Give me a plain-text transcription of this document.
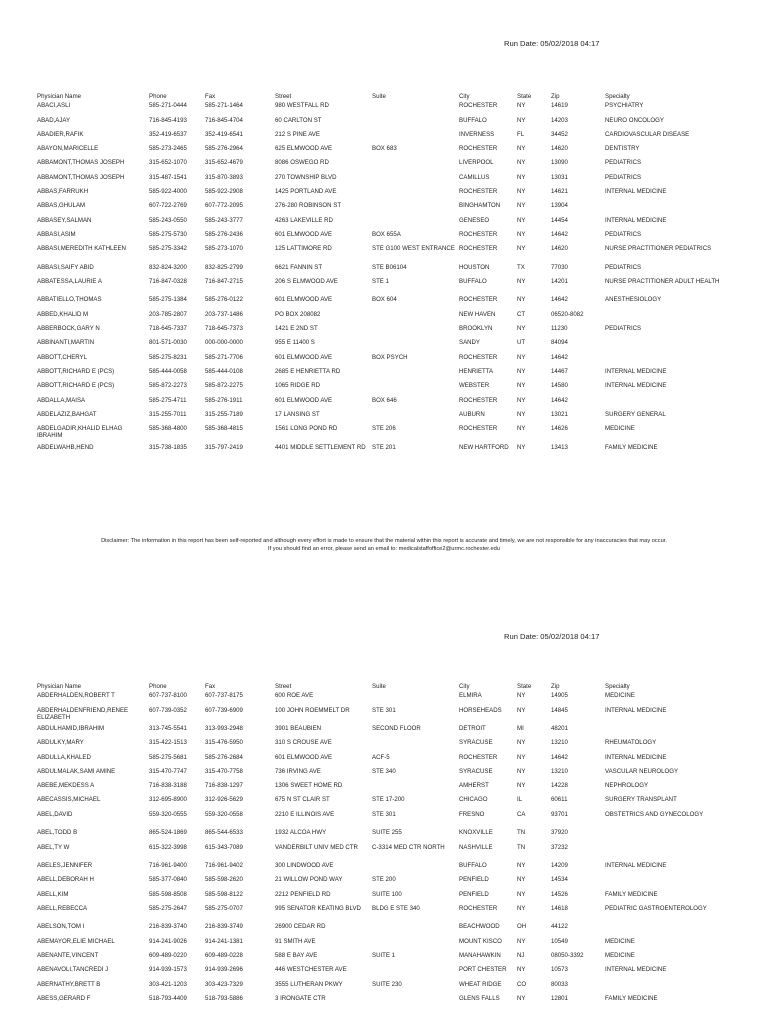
Run Date: 05/02/2018 04:17
Physician Name	Phone	Fax	Street	Suite	City	State	Zip	Specialty
ABACI,ASLI	585-271-0444	585-271-1464	980 WESTFALL RD		ROCHESTER	NY	14619	PSYCHIATRY
ABAD,AJAY	716-845-4193	716-845-4704	60 CARLTON ST		BUFFALO	NY	14203	NEURO ONCOLOGY
ABADIER,RAFIK	352-419-6537	352-419-6541	212 S PINE AVE		INVERNESS	FL	34452	CARDIOVASCULAR DISEASE
ABAYON,MARICELLE	585-273-2465	585-276-2964	625 ELMWOOD AVE	BOX 683	ROCHESTER	NY	14620	DENTISTRY
ABBAMONT,THOMAS JOSEPH	315-652-1070	315-652-4679	8086 OSWEGO RD		LIVERPOOL	NY	13090	PEDIATRICS
ABBAMONT,THOMAS JOSEPH	315-487-1541	315-870-3893	270 TOWNSHIP BLVD		CAMILLUS	NY	13031	PEDIATRICS
ABBAS,FARRUKH	585-922-4000	585-922-2908	1425 PORTLAND AVE		ROCHESTER	NY	14621	INTERNAL MEDICINE
ABBAS,GHULAM	607-722-2769	607-772-2095	276-280 ROBINSON ST		BINGHAMTON	NY	13904	
ABBASEY,SALMAN	585-243-0550	585-243-3777	4263 LAKEVILLE RD		GENESEO	NY	14454	INTERNAL MEDICINE
ABBASI,ASIM	585-275-5730	585-276-2436	601 ELMWOOD AVE	BOX 655A	ROCHESTER	NY	14642	PEDIATRICS
ABBASI,MEREDITH KATHLEEN	585-275-3342	585-273-1070	125 LATTIMORE RD	STE G100 WEST ENTRANCE	ROCHESTER	NY	14620	NURSE PRACTITIONER PEDIATRICS
ABBASI,SAIFY ABID	832-824-3200	832-825-2799	6621 FANNIN ST	STE B06104	HOUSTON	TX	77030	PEDIATRICS
ABBATESSA,LAURIE A	716-847-0328	716-847-2715	206 S ELMWOOD AVE	STE 1	BUFFALO	NY	14201	NURSE PRACTITIONER ADULT HEALTH
ABBATIELLO,THOMAS	585-275-1384	585-276-0122	601 ELMWOOD AVE	BOX 604	ROCHESTER	NY	14642	ANESTHESIOLOGY
ABBED,KHALID M	203-785-2807	203-737-1486	PO BOX 208082		NEW HAVEN	CT	06520-8082	
ABBERBOCK,GARY N	718-645-7337	718-645-7373	1421 E 2ND ST		BROOKLYN	NY	11230	PEDIATRICS
ABBINANTI,MARTIN	801-571-0030	000-000-0000	955 E 11400 S		SANDY	UT	84094	
ABBOTT,CHERYL	585-275-8231	585-271-7706	601 ELMWOOD AVE	BOX PSYCH	ROCHESTER	NY	14642	
ABBOTT,RICHARD E (PCS)	585-444-0058	585-444-0108	2685 E HENRIETTA RD		HENRIETTA	NY	14467	INTERNAL MEDICINE
ABBOTT,RICHARD E (PCS)	585-872-2273	585-872-2275	1065 RIDGE RD		WEBSTER	NY	14580	INTERNAL MEDICINE
ABDALLA,MAISA	585-275-4711	585-276-1911	601 ELMWOOD AVE	BOX 646	ROCHESTER	NY	14642	
ABDELAZIZ,BAHGAT	315-255-7011	315-255-7189	17 LANSING ST		AUBURN	NY	13021	SURGERY GENERAL
ABDELGADIR,KHALID ELHAG IBRAHIM	585-368-4800	585-368-4815	1561 LONG POND RD	STE 206	ROCHESTER	NY	14626	MEDICINE
ABDELWAHB,HEND	315-738-1835	315-797-2419	4401 MIDDLE SETTLEMENT RD	STE 201	NEW HARTFORD	NY	13413	FAMILY MEDICINE
Disclaimer: The information in this report has been self-reported and although every effort is made to ensure that the material within this report is accurate and timely, we are not responsible for any inaccuracies that may occur.
If you should find an error, please send an email to: medicalstaffoffice2@urmc.rochester.edu
Run Date: 05/02/2018 04:17
Physician Name	Phone	Fax	Street	Suite	City	State	Zip	Specialty
ABDERHALDEN,ROBERT T	607-737-8100	607-737-8175	600 ROE AVE		ELMIRA	NY	14905	MEDICINE
ABDERHALDENFRIEND,RENEE ELIZABETH	607-739-0352	607-739-6909	100 JOHN ROEMMELT DR	STE 301	HORSEHEADS	NY	14845	INTERNAL MEDICINE
ABDULHAMID,IBRAHIM	313-745-5541	313-993-2948	3901 BEAUBIEN	SECOND FLOOR	DETROIT	MI	48201	
ABDULKY,MARY	315-422-1513	315-476-5950	310 S CROUSE AVE		SYRACUSE	NY	13210	RHEUMATOLOGY
ABDULLA,KHALED	585-275-5681	585-276-2684	601 ELMWOOD AVE	ACF-5	ROCHESTER	NY	14642	INTERNAL MEDICINE
ABDULMALAK,SAMI AMINE	315-470-7747	315-470-7758	736 IRVING AVE	STE 340	SYRACUSE	NY	13210	VASCULAR NEUROLOGY
ABEBE,MEKDESS A	716-838-3188	716-838-1297	1306 SWEET HOME RD		AMHERST	NY	14228	NEPHROLOGY
ABECASSIS,MICHAEL	312-695-8900	312-926-5629	675 N ST CLAIR ST	STE 17-200	CHICAGO	IL	60611	SURGERY TRANSPLANT
ABEL,DAVID	559-320-0555	559-320-0558	2210 E ILLINOIS AVE	STE 301	FRESNO	CA	93701	OBSTETRICS AND GYNECOLOGY
ABEL,TODD B	865-524-1869	865-544-6533	1932 ALCOA HWY	SUITE 255	KNOXVILLE	TN	37920	
ABEL,TY W	615-322-3998	615-343-7089	VANDERBILT UNIV MED CTR	C-3314 MED CTR NORTH	NASHVILLE	TN	37232	
ABELES,JENNIFER	716-961-9400	716-961-9402	300 LINDWOOD AVE		BUFFALO	NY	14209	INTERNAL MEDICINE
ABELL,DEBORAH H	585-377-0840	585-598-2620	21 WILLOW POND WAY	STE 200	PENFIELD	NY	14534	
ABELL,KIM	585-598-8508	585-598-8122	2212 PENFIELD RD	SUITE 100	PENFIELD	NY	14526	FAMILY MEDICINE
ABELL,REBECCA	585-275-2647	585-275-0707	995 SENATOR KEATING BLVD	BLDG E STE 340	ROCHESTER	NY	14618	PEDIATRIC GASTROENTEROLOGY
ABELSON,TOM I	216-839-3740	216-839-3749	26900 CEDAR RD		BEACHWOOD	OH	44122	
ABEMAYOR,ELIE MICHAEL	914-241-9026	914-241-1381	91 SMITH AVE		MOUNT KISCO	NY	10549	MEDICINE
ABENANTE,VINCENT	609-489-0220	609-489-0228	588 E BAY AVE	SUITE 1	MANAHAWKIN	NJ	08050-3392	MEDICINE
ABENAVOLI,TANCREDI J	914-939-1573	914-939-2696	446 WESTCHESTER AVE		PORT CHESTER	NY	10573	INTERNAL MEDICINE
ABERNATHY,BRETT B	303-421-1203	303-423-7329	3555 LUTHERAN PKWY	SUITE 230	WHEAT RIDGE	CO	80033	
ABESS,GERARD F	518-793-4409	518-793-5886	3 IRONGATE CTR		GLENS FALLS	NY	12801	FAMILY MEDICINE
